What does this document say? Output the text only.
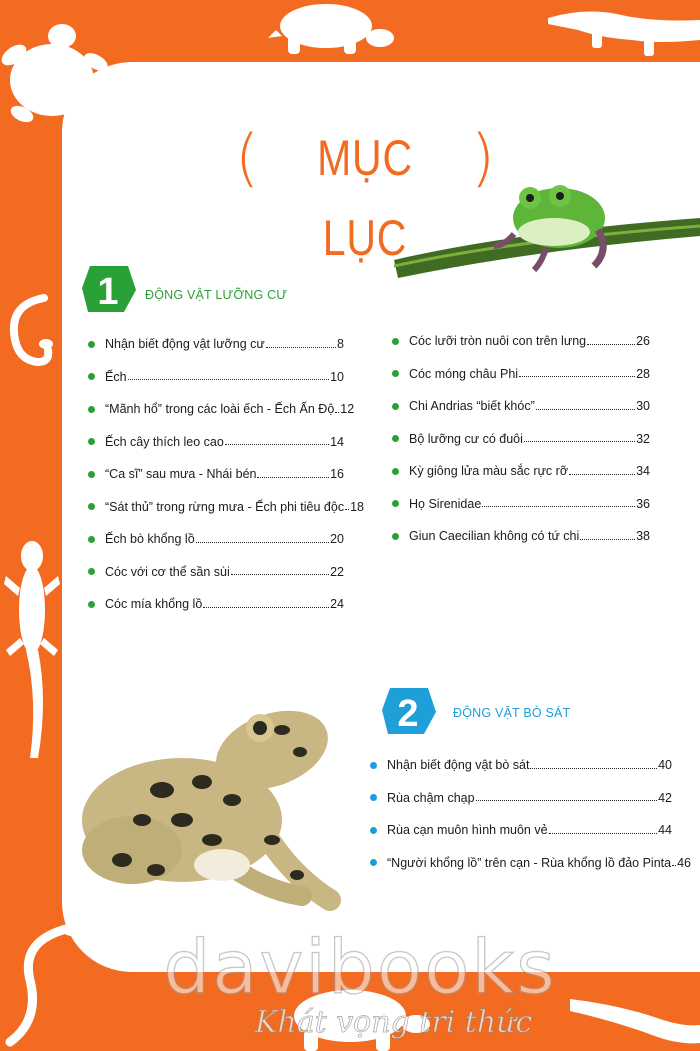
(	MỤC LỤC
)
1 ĐỘNG VẬT LƯỠNG CƯ
Nhận biết động vật lưỡng cư	8
Ếch	10
“Mãnh hổ” trong các loài ếch - Ếch Ấn Độ 12
Ếch cây thích leo cao	14
“Ca sĩ” sau mưa - Nhái bén	16
“Sát thủ” trong rừng mưa - Ếch phi tiêu độc 18
Ếch bò khổng lồ	20
Cóc với cơ thể sần sùi	22
Cóc mía khổng lồ	24
Cóc lưỡi tròn nuôi con trên lưng	26
Cóc móng châu Phi	28
Chi Andrias “biết khóc”	30
Bộ lưỡng cư có đuôi	32
Kỳ giông lửa màu sắc rực rỡ	34
Họ Sirenidae	36
Giun Caecilian không có tứ chi	38
2	ĐỘNG VẬT BÒ SÁT
Nhận biết động vật bò sát	40
Rùa chậm chạp	42
Rùa cạn muôn hình muôn vẻ	44
“Người khổng lồ” trên cạn - Rùa khổng lồ đảo Pinta 46
davibooks
Khát vọng tri thức
